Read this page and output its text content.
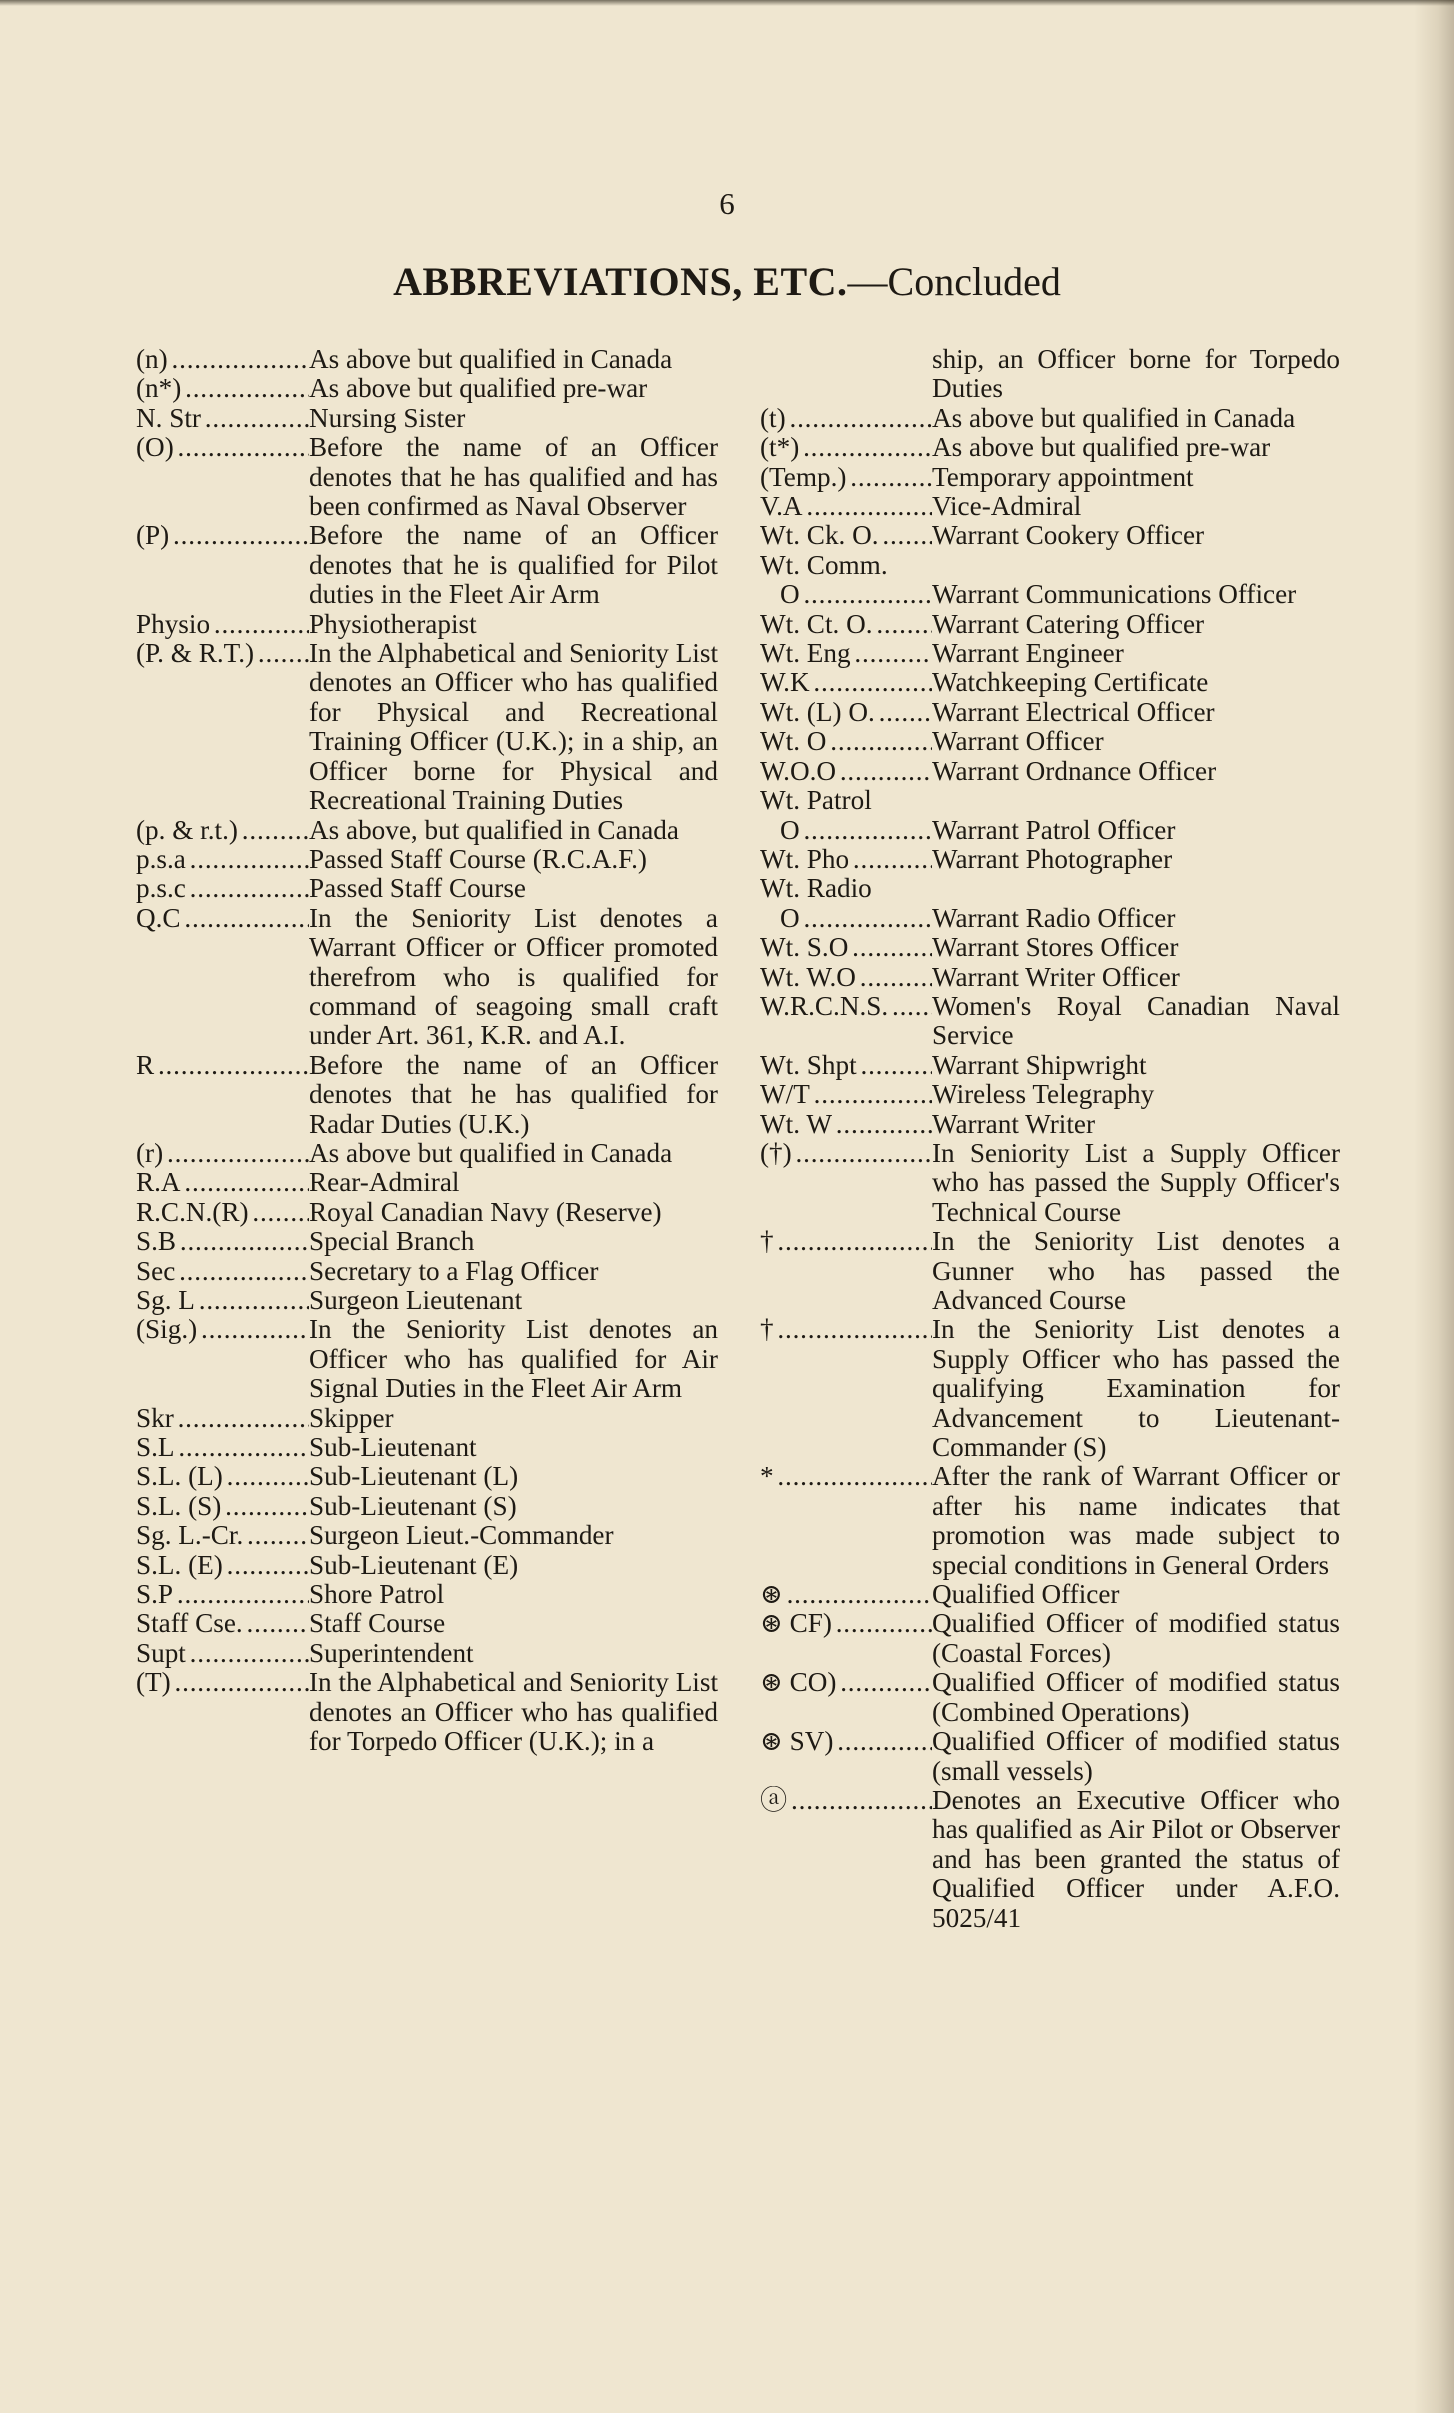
6
ABBREVIATIONS, ETC.—Concluded
(n) . . .	As above but qualified in Canada
(n*) . . .	As above but qualified pre-war
N. Str . . .	Nursing Sister
(O) . . .	Before the name of an Officer denotes that he has qualified and has been confirmed as Naval Observer
(P) . . .	Before the name of an Officer denotes that he is qualified for Pilot duties in the Fleet Air Arm
Physio . . .	Physiotherapist
(P. & R.T.) . . .	In the Alphabetical and Seniority List denotes an Officer who has qualified for Physical and Recreational Training Officer (U.K.); in a ship, an Officer borne for Physical and Recreational Training Duties
(p. & r.t.) . . .	As above, but qualified in Canada
p.s.a . . .	Passed Staff Course (R.C.A.F.)
p.s.c . . .	Passed Staff Course
Q.C . . .	In the Seniority List denotes a Warrant Officer or Officer promoted therefrom who is qualified for command of seagoing small craft under Art. 361, K.R. and A.I.
R . . .	Before the name of an Officer denotes that he has qualified for Radar Duties (U.K.)
(r) . . .	As above but qualified in Canada
R.A . . .	Rear-Admiral
R.C.N.(R) . . .	Royal Canadian Navy (Reserve)
S.B . . .	Special Branch
Sec . . .	Secretary to a Flag Officer
Sg. L . . .	Surgeon Lieutenant
(Sig.) . . .	In the Seniority List denotes an Officer who has qualified for Air Signal Duties in the Fleet Air Arm
Skr . . .	Skipper
S.L . . .	Sub-Lieutenant
S.L. (L) . . .	Sub-Lieutenant (L)
S.L. (S) . . .	Sub-Lieutenant (S)
Sg. L.-Cr. . . .	Surgeon Lieut.-Commander
S.L. (E) . . .	Sub-Lieutenant (E)
S.P . . .	Shore Patrol
Staff Cse. . . .	Staff Course
Supt . . .	Superintendent
(T) . . .	In the Alphabetical and Seniority List denotes an Officer who has qualified for Torpedo Officer (U.K.); in a
ship, an Officer borne for Torpedo Duties
(t) . . .	As above but qualified in Canada
(t*) . . .	As above but qualified pre-war
(Temp.) . . .	Temporary appointment
V.A . . .	Vice-Admiral
Wt. Ck. O. . . .	Warrant Cookery Officer
Wt. Comm.
O . . .	Warrant Communications Officer
Wt. Ct. O. . . .	Warrant Catering Officer
Wt. Eng . . .	Warrant Engineer
W.K . . .	Watchkeeping Certificate
Wt. (L) O. . . .	Warrant Electrical Officer
Wt. O . . .	Warrant Officer
W.O.O . . .	Warrant Ordnance Officer
Wt. Patrol
O . . .	Warrant Patrol Officer
Wt. Pho . . .	Warrant Photographer
Wt. Radio
O . . .	Warrant Radio Officer
Wt. S.O . . .	Warrant Stores Officer
Wt. W.O . . .	Warrant Writer Officer
W.R.C.N.S. . . .	Women's Royal Canadian Naval Service
Wt. Shpt . . .	Warrant Shipwright
W/T . . .	Wireless Telegraphy
Wt. W . . .	Warrant Writer
(†) . . .	In Seniority List a Supply Officer who has passed the Supply Officer's Technical Course
† . . .	In the Seniority List denotes a Gunner who has passed the Advanced Course
† . . .	In the Seniority List denotes a Supply Officer who has passed the qualifying Examination for Advancement to Lieutenant-Commander (S)
* . . .	After the rank of Warrant Officer or after his name indicates that promotion was made subject to special conditions in General Orders
⊛ . . .	Qualified Officer
⊛ CF) . . .	Qualified Officer of modified status (Coastal Forces)
⊛ CO) . . .	Qualified Officer of modified status (Combined Operations)
⊛ SV) . . .	Qualified Officer of modified status (small vessels)
ⓐ . . .	Denotes an Executive Officer who has qualified as Air Pilot or Observer and has been granted the status of Qualified Officer under A.F.O. 5025/41
